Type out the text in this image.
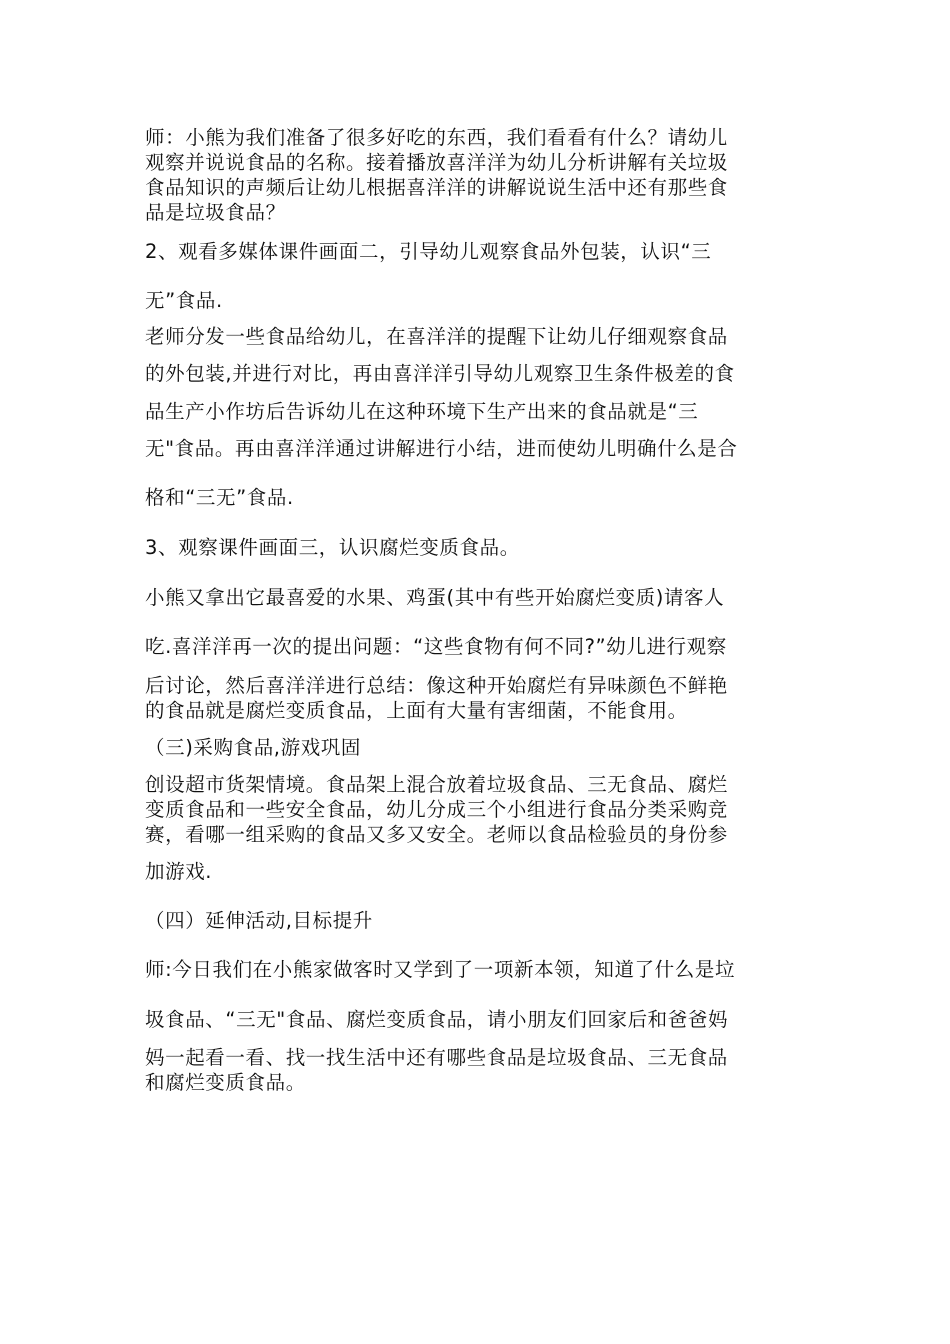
师：小熊为我们准备了很多好吃的东西，我们看看有什么？请幼儿

观察并说说食品的名称。接着播放喜洋洋为幼儿分析讲解有关垃圾

食品知识的声频后让幼儿根据喜洋洋的讲解说说生活中还有那些食

品是垃圾食品？

2、观看多媒体课件画面二，引导幼儿观察食品外包装，认识“三

无”食品.

老师分发一些食品给幼儿，在喜洋洋的提醒下让幼儿仔细观察食品

的外包装,并进行对比，再由喜洋洋引导幼儿观察卫生条件极差的食

品生产小作坊后告诉幼儿在这种环境下生产出来的食品就是“三

无"食品。再由喜洋洋通过讲解进行小结，进而使幼儿明确什么是合

格和“三无”食品.

3、观察课件画面三，认识腐烂变质食品。

小熊又拿出它最喜爱的水果、鸡蛋(其中有些开始腐烂变质)请客人

吃.喜洋洋再一次的提出问题：“这些食物有何不同?”幼儿进行观察

后讨论，然后喜洋洋进行总结：像这种开始腐烂有异味颜色不鲜艳

的食品就是腐烂变质食品，上面有大量有害细菌，不能食用。

（三)采购食品,游戏巩固

创设超市货架情境。食品架上混合放着垃圾食品、三无食品、腐烂

变质食品和一些安全食品，幼儿分成三个小组进行食品分类采购竞

赛，看哪一组采购的食品又多又安全。老师以食品检验员的身份参

加游戏.

（四）延伸活动,目标提升

师:今日我们在小熊家做客时又学到了一项新本领，知道了什么是垃

圾食品、“三无"食品、腐烂变质食品，请小朋友们回家后和爸爸妈

妈一起看一看、找一找生活中还有哪些食品是垃圾食品、三无食品

和腐烂变质食品。
